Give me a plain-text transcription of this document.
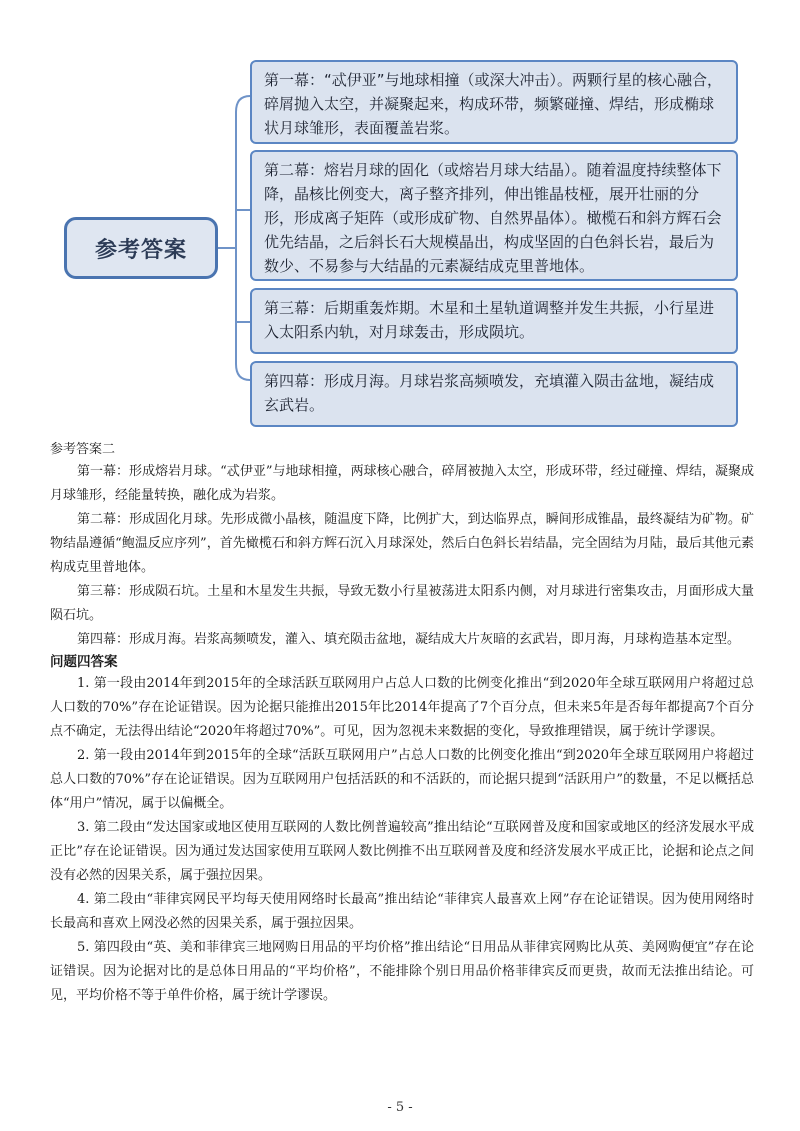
参考答案
第一幕：“忒伊亚”与地球相撞（或深大冲击）。两颗行星的核心融合，碎屑抛入太空，并凝聚起来，构成环带，频繁碰撞、焊结，形成椭球状月球雏形，表面覆盖岩浆。
第二幕：熔岩月球的固化（或熔岩月球大结晶）。随着温度持续整体下降，晶核比例变大，离子整齐排列，伸出锥晶枝桠，展开壮丽的分形，形成离子矩阵（或形成矿物、自然界晶体）。橄榄石和斜方辉石会优先结晶，之后斜长石大规模晶出，构成坚固的白色斜长岩，最后为数少、不易参与大结晶的元素凝结成克里普地体。
第三幕：后期重轰炸期。木星和土星轨道调整并发生共振，小行星进入太阳系内轨，对月球轰击，形成陨坑。
第四幕：形成月海。月球岩浆高频喷发，充填灌入陨击盆地，凝结成玄武岩。

参考答案二

第一幕：形成熔岩月球。“忒伊亚”与地球相撞，两球核心融合，碎屑被抛入太空，形成环带，经过碰撞、焊结，凝聚成月球雏形，经能量转换，融化成为岩浆。

第二幕：形成固化月球。先形成微小晶核，随温度下降，比例扩大，到达临界点，瞬间形成锥晶，最终凝结为矿物。矿物结晶遵循“鲍温反应序列”，首先橄榄石和斜方辉石沉入月球深处，然后白色斜长岩结晶，完全固结为月陆，最后其他元素构成克里普地体。

第三幕：形成陨石坑。土星和木星发生共振，导致无数小行星被荡进太阳系内侧，对月球进行密集攻击，月面形成大量陨石坑。

第四幕：形成月海。岩浆高频喷发，灌入、填充陨击盆地，凝结成大片灰暗的玄武岩，即月海，月球构造基本定型。

问题四答案

1. 第一段由2014年到2015年的全球活跃互联网用户占总人口数的比例变化推出“到2020年全球互联网用户将超过总人口数的70%”存在论证错误。因为论据只能推出2015年比2014年提高了7个百分点，但未来5年是否每年都提高7个百分点不确定，无法得出结论“2020年将超过70%”。可见，因为忽视未来数据的变化，导致推理错误，属于统计学谬误。

2. 第一段由2014年到2015年的全球“活跃互联网用户”占总人口数的比例变化推出“到2020年全球互联网用户将超过总人口数的70%”存在论证错误。因为互联网用户包括活跃的和不活跃的，而论据只提到“活跃用户”的数量，不足以概括总体“用户”情况，属于以偏概全。

3. 第二段由“发达国家或地区使用互联网的人数比例普遍较高”推出结论“互联网普及度和国家或地区的经济发展水平成正比”存在论证错误。因为通过发达国家使用互联网人数比例推不出互联网普及度和经济发展水平成正比，论据和论点之间没有必然的因果关系，属于强拉因果。

4. 第二段由“菲律宾网民平均每天使用网络时长最高”推出结论“菲律宾人最喜欢上网”存在论证错误。因为使用网络时长最高和喜欢上网没必然的因果关系，属于强拉因果。

5. 第四段由“英、美和菲律宾三地网购日用品的平均价格”推出结论“日用品从菲律宾网购比从英、美网购便宜”存在论证错误。因为论据对比的是总体日用品的“平均价格”，不能排除个别日用品价格菲律宾反而更贵，故而无法推出结论。可见，平均价格不等于单件价格，属于统计学谬误。

- 5 -
